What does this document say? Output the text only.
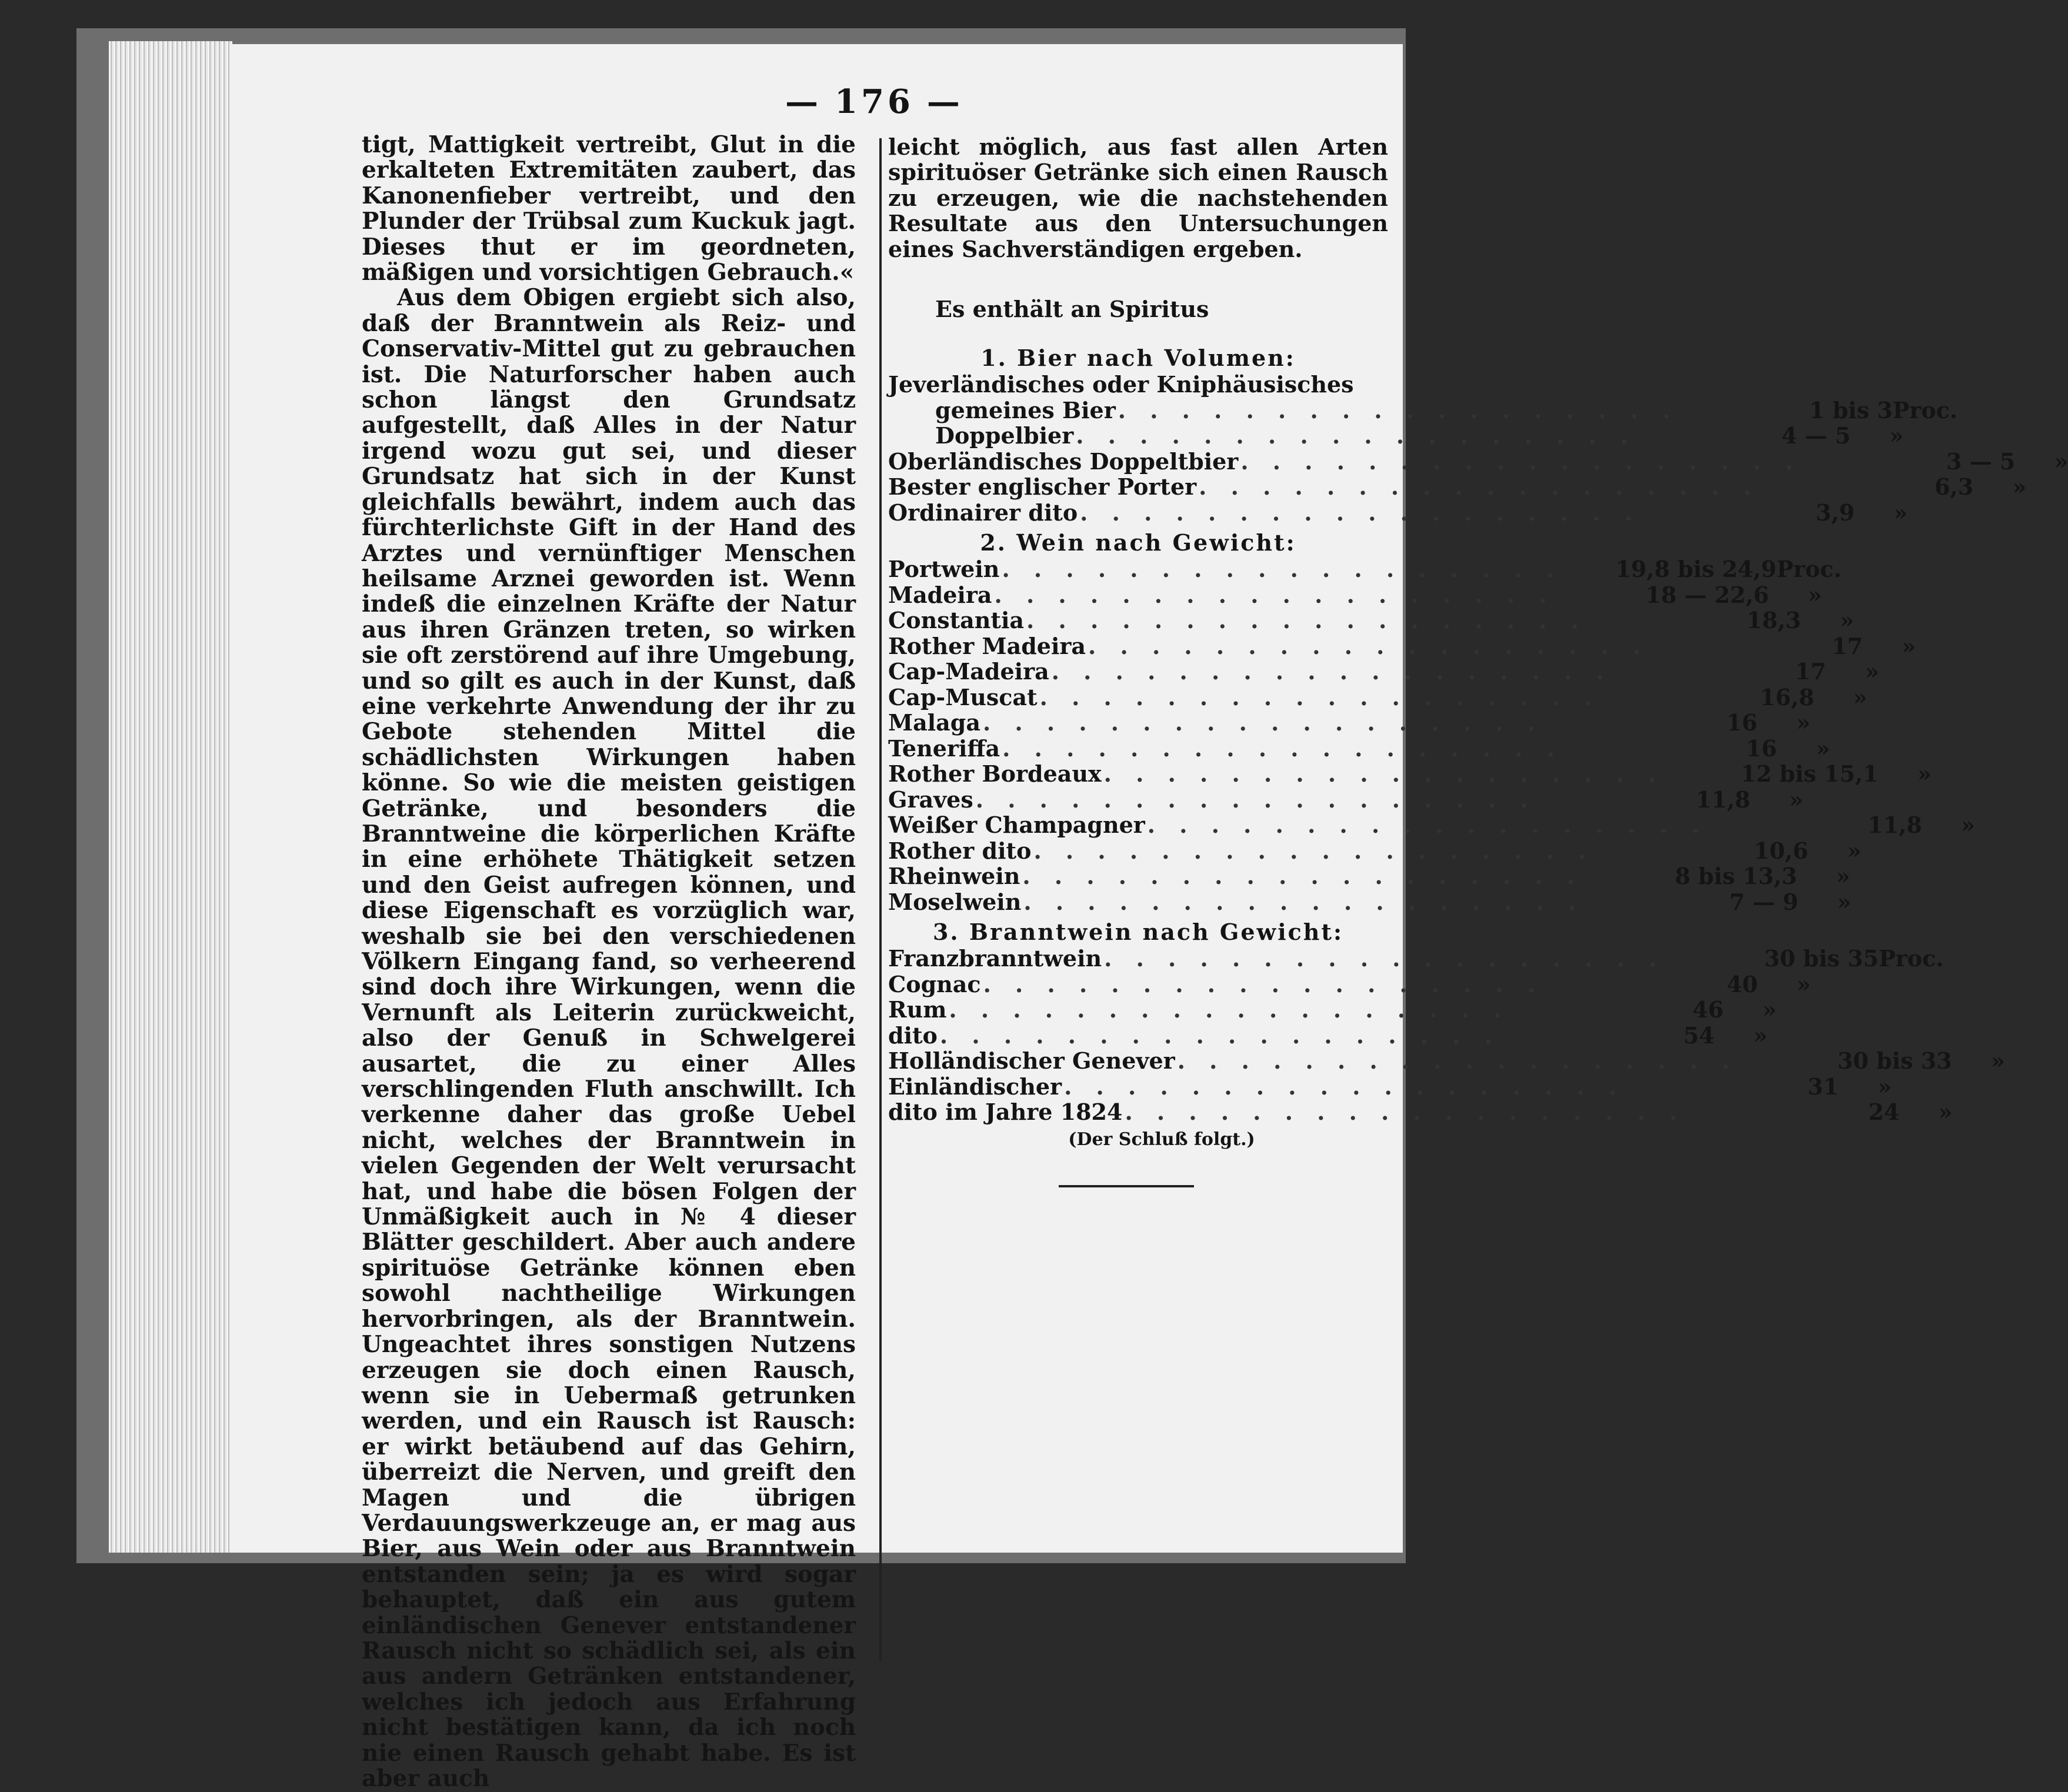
— 176 —

tigt, Mattigkeit vertreibt, Glut in die erkalteten Extremitäten zaubert, das Kanonenfieber vertreibt, und den Plunder der Trübsal zum Kuckuk jagt. Dieses thut er im geordneten, mäßigen und vorsichtigen Gebrauch.«

Aus dem Obigen ergiebt sich also, daß der Branntwein als Reiz- und Conservativ-Mittel gut zu gebrauchen ist. Die Naturforscher haben auch schon längst den Grundsatz aufgestellt, daß Alles in der Natur irgend wozu gut sei, und dieser Grundsatz hat sich in der Kunst gleichfalls bewährt, indem auch das fürchterlichste Gift in der Hand des Arztes und vernünftiger Menschen heilsame Arznei geworden ist. Wenn indeß die einzelnen Kräfte der Natur aus ihren Gränzen treten, so wirken sie oft zerstörend auf ihre Umgebung, und so gilt es auch in der Kunst, daß eine verkehrte Anwendung der ihr zu Gebote stehenden Mittel die schädlichsten Wirkungen haben könne. So wie die meisten geistigen Getränke, und besonders die Branntweine die körperlichen Kräfte in eine erhöhete Thätigkeit setzen und den Geist aufregen können, und diese Eigenschaft es vorzüglich war, weshalb sie bei den verschiedenen Völkern Eingang fand, so verheerend sind doch ihre Wirkungen, wenn die Vernunft als Leiterin zurückweicht, also der Genuß in Schwelgerei ausartet, die zu einer Alles verschlingenden Fluth anschwillt. Ich verkenne daher das große Uebel nicht, welches der Branntwein in vielen Gegenden der Welt verursacht hat, und habe die bösen Folgen der Unmäßigkeit auch in № 4 dieser Blätter geschildert. Aber auch andere spirituöse Getränke können eben sowohl nachtheilige Wirkungen hervorbringen, als der Branntwein. Ungeachtet ihres sonstigen Nutzens erzeugen sie doch einen Rausch, wenn sie in Uebermaß getrunken werden, und ein Rausch ist Rausch: er wirkt betäubend auf das Gehirn, überreizt die Nerven, und greift den Magen und die übrigen Verdauungswerkzeuge an, er mag aus Bier, aus Wein oder aus Branntwein entstanden sein; ja es wird sogar behauptet, daß ein aus gutem einländischen Genever entstandener Rausch nicht so schädlich sei, als ein aus andern Getränken entstandener, welches ich jedoch aus Erfahrung nicht bestätigen kann, da ich noch nie einen Rausch gehabt habe. Es ist aber auch

leicht möglich, aus fast allen Arten spirituöser Getränke sich einen Rausch zu erzeugen, wie die nachstehenden Resultate aus den Untersuchungen eines Sachverständigen ergeben.

Es enthält an Spiritus

1. Bier nach Volumen:

Jeverländisches oder Kniphäusisches
gemeines Bier . . . . . . . . . . . . . . . . . .	1 bis 3 Proc.
Doppelbier . . . . . . . . . . . . . . . . . .	4 — 5	»
Oberländisches Doppeltbier . . . . . . . . . . . . . . . . . .	3 — 5	»
Bester englischer Porter . . . . . . . . . . . . . . . . . .	6,3	»
Ordinairer dito . . . . . . . . . . . . . . . . . .	3,9	»

2. Wein nach Gewicht:

Portwein . . . . . . . . . . . . . . . . . .	19,8 bis 24,9 Proc.
Madeira . . . . . . . . . . . . . . . . . .	18 — 22,6	»
Constantia . . . . . . . . . . . . . . . . . .	18,3	»
Rother Madeira . . . . . . . . . . . . . . . . . .	17	»
Cap-Madeira . . . . . . . . . . . . . . . . . .	17	»
Cap-Muscat . . . . . . . . . . . . . . . . . .	16,8	»
Malaga . . . . . . . . . . . . . . . . . .	16	»
Teneriffa . . . . . . . . . . . . . . . . . .	16	»
Rother Bordeaux . . . . . . . . . . . . . . . . . .	12 bis 15,1	»
Graves . . . . . . . . . . . . . . . . . .	11,8	»
Weißer Champagner . . . . . . . . . . . . . . . . . .	11,8	»
Rother dito . . . . . . . . . . . . . . . . . .	10,6	»
Rheinwein . . . . . . . . . . . . . . . . . .	8 bis 13,3	»
Moselwein . . . . . . . . . . . . . . . . . .	7 — 9	»

3. Branntwein nach Gewicht:

Franzbranntwein . . . . . . . . . . . . . . . . . .	30 bis 35 Proc.
Cognac . . . . . . . . . . . . . . . . . .	40	»
Rum . . . . . . . . . . . . . . . . . .	46	»
dito . . . . . . . . . . . . . . . . . .	54	»
Holländischer Genever . . . . . . . . . . . . . . . . . .	30 bis 33	»
Einländischer . . . . . . . . . . . . . . . . . .	31	»
dito im Jahre 1824 . . . . . . . . . . . . . . . . . .	24	»

(Der Schluß folgt.)
